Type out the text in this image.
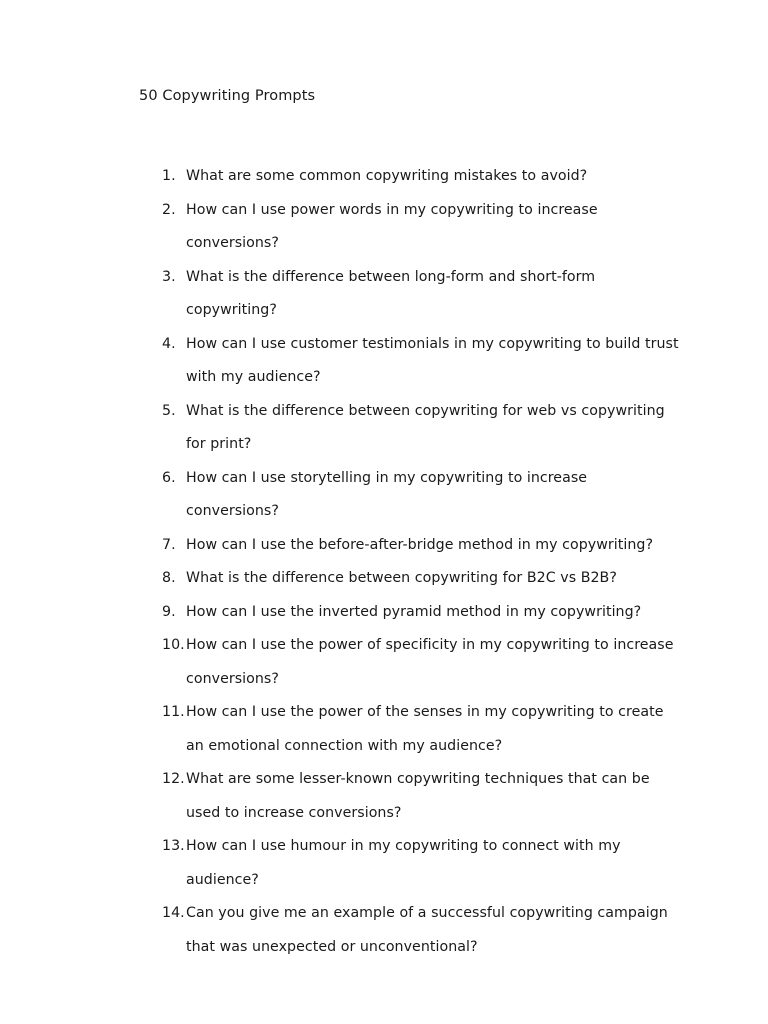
50 Copywriting Prompts
1. What are some common copywriting mistakes to avoid?
2. How can I use power words in my copywriting to increase conversions?
3. What is the difference between long-form and short-form copywriting?
4. How can I use customer testimonials in my copywriting to build trust with my audience?
5. What is the difference between copywriting for web vs copywriting for print?
6. How can I use storytelling in my copywriting to increase conversions?
7. How can I use the before-after-bridge method in my copywriting?
8. What is the difference between copywriting for B2C vs B2B?
9. How can I use the inverted pyramid method in my copywriting?
10. How can I use the power of specificity in my copywriting to increase conversions?
11. How can I use the power of the senses in my copywriting to create an emotional connection with my audience?
12. What are some lesser-known copywriting techniques that can be used to increase conversions?
13. How can I use humour in my copywriting to connect with my audience?
14. Can you give me an example of a successful copywriting campaign that was unexpected or unconventional?
